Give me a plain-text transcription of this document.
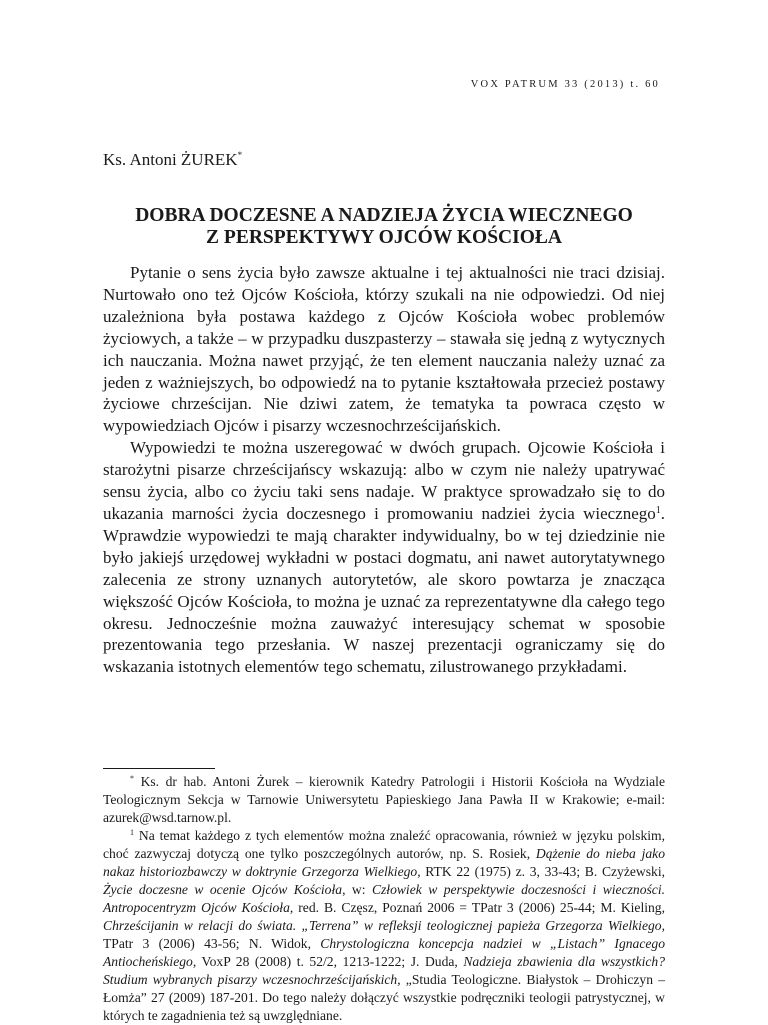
VOX PATRUM 33 (2013) t. 60
Ks. Antoni ŻUREK*
DOBRA DOCZESNE A NADZIEJA ŻYCIA WIECZNEGO
Z PERSPEKTYWY OJCÓW KOŚCIOŁA

Pytanie o sens życia było zawsze aktualne i tej aktualności nie traci dzisiaj. Nurtowało ono też Ojców Kościoła, którzy szukali na nie odpowiedzi. Od niej uzależniona była postawa każdego z Ojców Kościoła wobec problemów życiowych, a także – w przypadku duszpasterzy – stawała się jedną z wytycznych ich nauczania. Można nawet przyjąć, że ten element nauczania należy uznać za jeden z ważniejszych, bo odpowiedź na to pytanie kształtowała przecież postawy życiowe chrześcijan. Nie dziwi zatem, że tematyka ta powraca często w wypowiedziach Ojców i pisarzy wczesnochrześcijańskich.

Wypowiedzi te można uszeregować w dwóch grupach. Ojcowie Kościoła i starożytni pisarze chrześcijańscy wskazują: albo w czym nie należy upatrywać sensu życia, albo co życiu taki sens nadaje. W praktyce sprowadzało się to do ukazania marności życia doczesnego i promowaniu nadziei życia wiecznego$^1$. Wprawdzie wypowiedzi te mają charakter indywidualny, bo w tej dziedzinie nie było jakiejś urzędowej wykładni w postaci dogmatu, ani nawet autorytatywnego zalecenia ze strony uznanych autorytetów, ale skoro powtarza je znacząca większość Ojców Kościoła, to można je uznać za reprezentatywne dla całego tego okresu. Jednocześnie można zauważyć interesujący schemat w sposobie prezentowania tego przesłania. W naszej prezentacji ograniczamy się do wskazania istotnych elementów tego schematu, zilustrowanego przykładami.

* Ks. dr hab. Antoni Żurek – kierownik Katedry Patrologii i Historii Kościoła na Wydziale Teologicznym Sekcja w Tarnowie Uniwersytetu Papieskiego Jana Pawła II w Krakowie; e-mail: azurek@wsd.tarnow.pl.

$^1$ Na temat każdego z tych elementów można znaleźć opracowania, również w języku polskim, choć zazwyczaj dotyczą one tylko poszczególnych autorów, np. S. Rosiek, Dążenie do nieba jako nakaz historiozbawczy w doktrynie Grzegorza Wielkiego, RTK 22 (1975) z. 3, 33-43; B. Czyżewski, Życie doczesne w ocenie Ojców Kościoła, w: Człowiek w perspektywie doczesności i wieczności. Antropocentryzm Ojców Kościoła, red. B. Częsz, Poznań 2006 = TPatr 3 (2006) 25-44; M. Kieling, Chrześcijanin w relacji do świata. „Terrena” w refleksji teologicznej papieża Grzegorza Wielkiego, TPatr 3 (2006) 43-56; N. Widok, Chrystologiczna koncepcja nadziei w „Listach” Ignacego Antiocheńskiego, VoxP 28 (2008) t. 52/2, 1213-1222; J. Duda, Nadzieja zbawienia dla wszystkich? Studium wybranych pisarzy wczesnochrześcijańskich, „Studia Teologiczne. Białystok – Drohiczyn – Łomża” 27 (2009) 187-201. Do tego należy dołączyć wszystkie podręczniki teologii patrystycznej, w których te zagadnienia też są uwzględniane.
